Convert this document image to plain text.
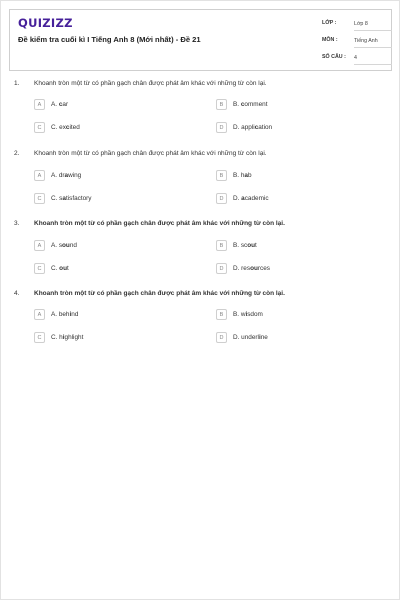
QUIZIZZ
Đề kiểm tra cuối kì I Tiếng Anh 8 (Mới nhất) - Đề 21
LỚP :	Lớp 8
MÔN :	Tiếng Anh
SỐ CÂU : 4
1. Khoanh tròn một từ có phần gạch chân được phát âm khác với những từ còn lại.
A	A. car	B	B. comment
C	C. excited	D	D. application
2. Khoanh tròn một từ có phần gạch chân được phát âm khác với những từ còn lại.
A	A. drawing	B	B. hab
C	C. satisfactory	D	D. academic
3. Khoanh tròn một từ có phần gạch chân được phát âm khác với những từ còn lại.
A	A. sound	B	B. scout
C	C. out	D	D. resources
4. Khoanh tròn một từ có phần gạch chân được phát âm khác với những từ còn lại.
A	A. behind	B	B. wisdom
C	C. highlight	D	D. underline
